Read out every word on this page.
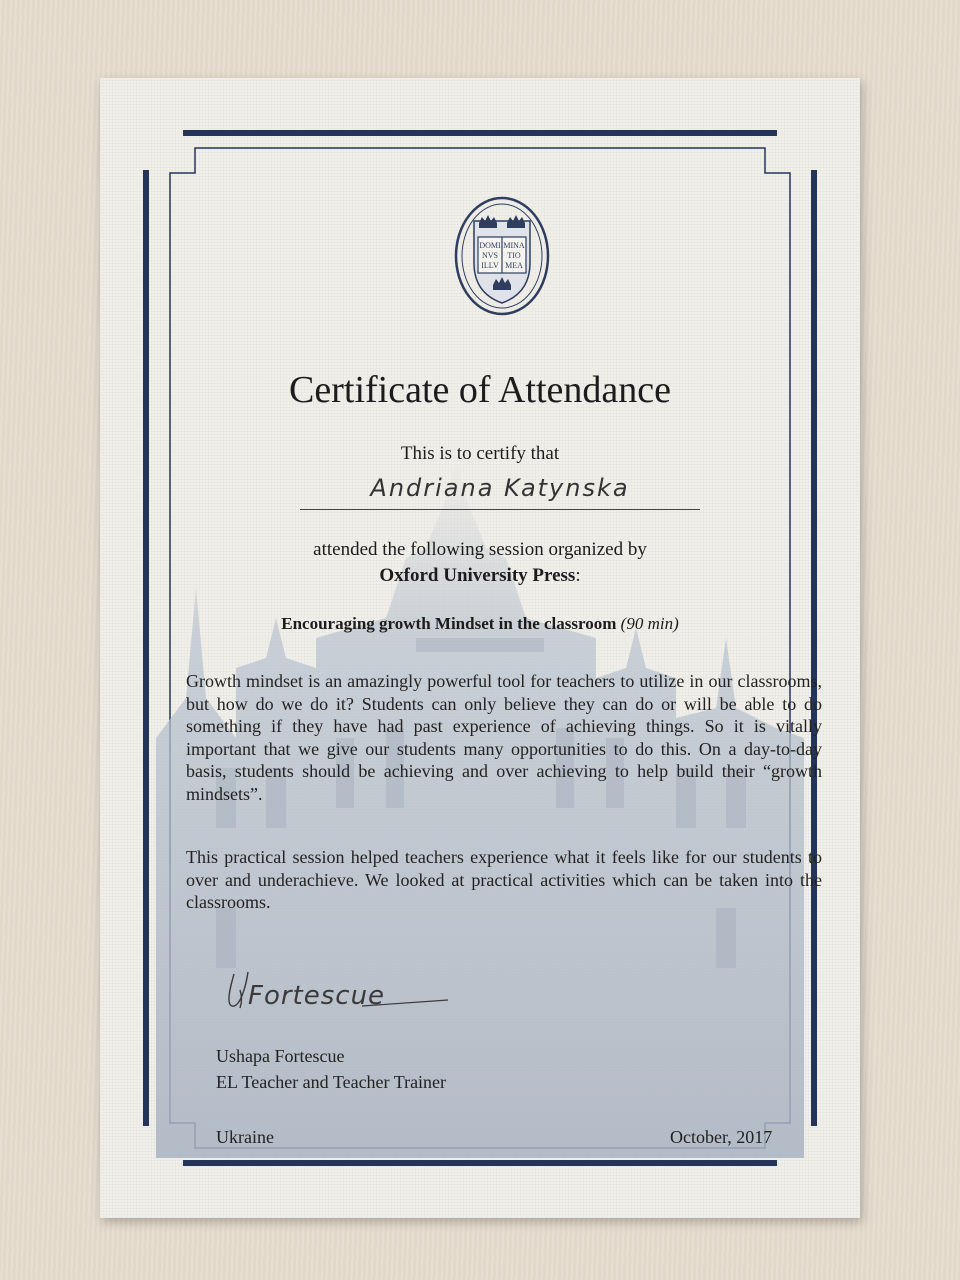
DOMI
NVS
ILLV
MINA
TIO
MEA
Certificate of Attendance
This is to certify that
Andriana Katynska
attended the following session organized by
Oxford University Press:
Encouraging growth Mindset in the classroom (90 min)
Growth mindset is an amazingly powerful tool for teachers to utilize in our classrooms, but how do we do it? Students can only believe they can do or will be able to do something if they have had past experience of achieving things. So it is vitally important that we give our students many opportunities to do this. On a day-to-day basis, students should be achieving and over achieving to help build their “growth mindsets”.
This practical session helped teachers experience what it feels like for our students to over and underachieve. We looked at practical activities which can be taken into the classrooms.
Fortescue
Ushapa Fortescue
EL Teacher and Teacher Trainer
Ukraine	October, 2017
